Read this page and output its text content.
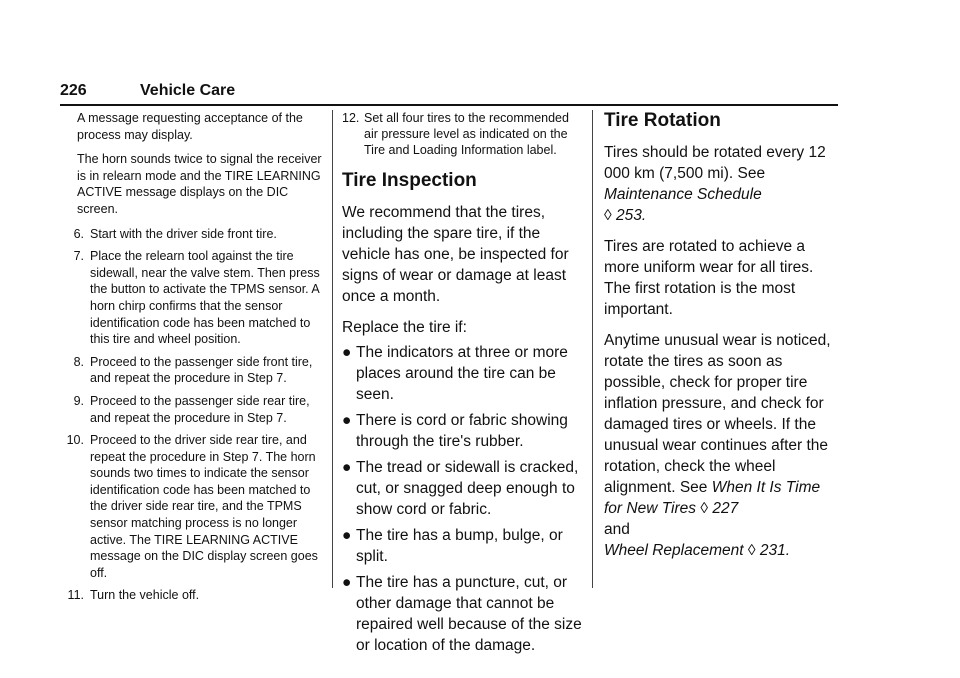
226	Vehicle Care

A message requesting acceptance of the process may display.

The horn sounds twice to signal the receiver is in relearn mode and the TIRE LEARNING ACTIVE message displays on the DIC screen.

6. Start with the driver side front tire.
7. Place the relearn tool against the tire sidewall, near the valve stem. Then press the button to activate the TPMS sensor. A horn chirp confirms that the sensor identification code has been matched to this tire and wheel position.
8. Proceed to the passenger side front tire, and repeat the procedure in Step 7.
9. Proceed to the passenger side rear tire, and repeat the procedure in Step 7.
10. Proceed to the driver side rear tire, and repeat the procedure in Step 7. The horn sounds two times to indicate the sensor identification code has been matched to the driver side rear tire, and the TPMS sensor matching process is no longer active. The TIRE LEARNING ACTIVE message on the DIC display screen goes off.
11. Turn the vehicle off.
12. Set all four tires to the recommended air pressure level as indicated on the Tire and Loading Information label.
Tire Inspection

We recommend that the tires, including the spare tire, if the vehicle has one, be inspected for signs of wear or damage at least once a month.

Replace the tire if:

● The indicators at three or more places around the tire can be seen.
● There is cord or fabric showing through the tire's rubber.
● The tread or sidewall is cracked, cut, or snagged deep enough to show cord or fabric.
● The tire has a bump, bulge, or split.
● The tire has a puncture, cut, or other damage that cannot be repaired well because of the size or location of the damage.
Tire Rotation

Tires should be rotated every 12 000 km (7,500 mi). See Maintenance Schedule
◊ 253.

Tires are rotated to achieve a more uniform wear for all tires. The first rotation is the most important.

Anytime unusual wear is noticed, rotate the tires as soon as possible, check for proper tire inflation pressure, and check for damaged tires or wheels. If the unusual wear continues after the rotation, check the wheel alignment. See When It Is Time for New Tires ◊ 227
and
Wheel Replacement ◊ 231.
